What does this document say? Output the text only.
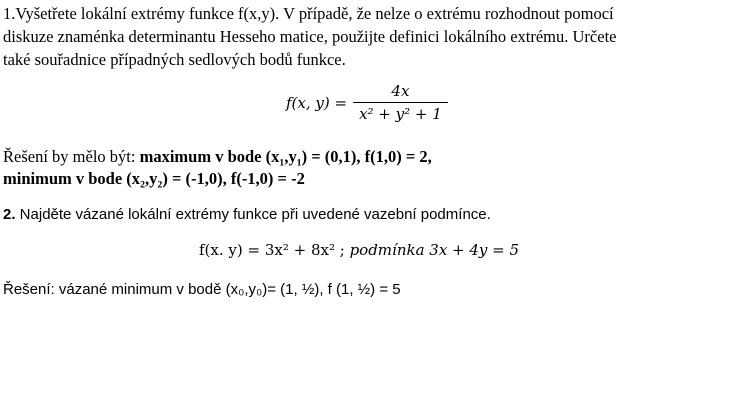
1.Vyšetřete lokální extrémy funkce f(x,y). V případě, že nelze o extrému rozhodnout pomocí
diskuze znaménka determinantu Hesseho matice, použijte definici lokálního extrému. Určete
také souřadnice případných sedlových bodů funkce.
f(x, $y) = \frac{4x}{\text{x² + y² + 1}}$
Řešení by mělo být: maximum v bode (x₁,y₁) = (0,1), f(1,0) = 2,
minimum v bode (x₂,y₂) = (-1,0), f(-1,0) = -2
2. Najděte vázané lokální extrémy funkce při uvedené vazební podmínce.
f(x. y) = 3x² + 8x² ; podmínka 3x + 4y = 5
Řešení: vázané minimum v bodě (x₀,y₀)= (1, ½), f (1, ½) = 5
